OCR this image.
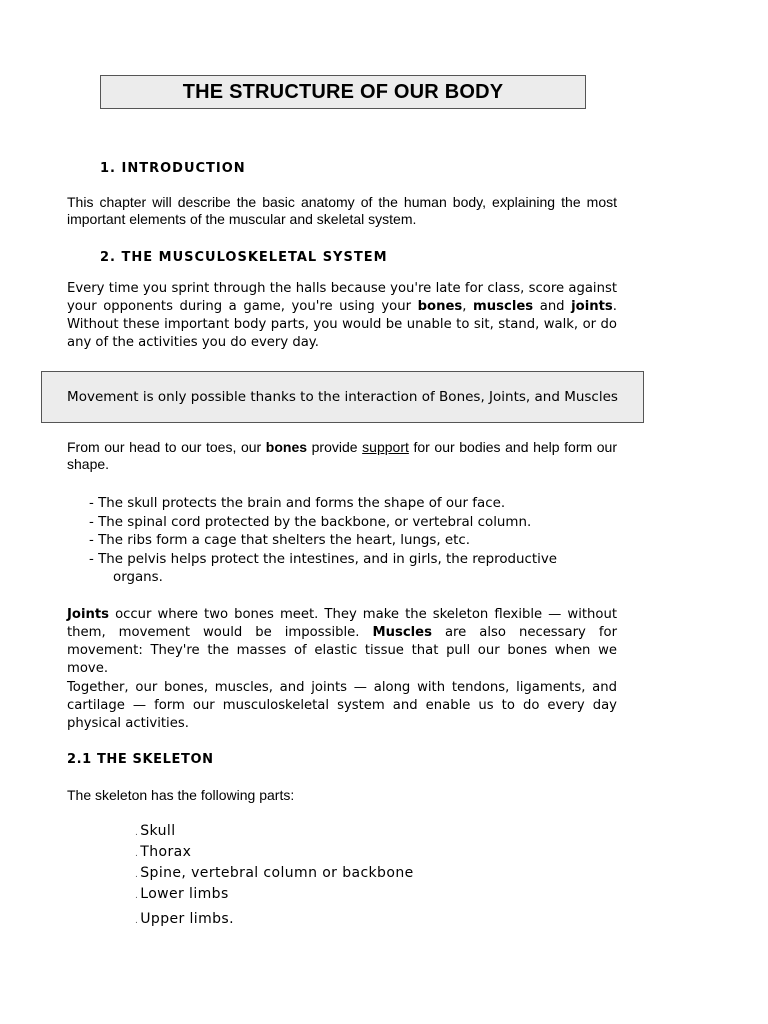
THE STRUCTURE OF OUR BODY
1. INTRODUCTION

This chapter will describe the basic anatomy of the human body, explaining the most important elements of the muscular and skeletal system.

2. THE MUSCULOSKELETAL SYSTEM

Every time you sprint through the halls because you're late for class, score against your opponents during a game, you're using your bones, muscles and joints. Without these important body parts, you would be unable to sit, stand, walk, or do any of the activities you do every day.

Movement is only possible thanks to the interaction of Bones, Joints, and Muscles

From our head to our toes, our bones provide support for our bodies and help form our shape.

- The skull protects the brain and forms the shape of our face.
- The spinal cord protected by the backbone, or vertebral column.
- The ribs form a cage that shelters the heart, lungs, etc.
- The pelvis helps protect the intestines, and in girls, the reproductive
organs.

Joints occur where two bones meet. They make the skeleton flexible — without them, movement would be impossible. Muscles are also necessary for movement: They're the masses of elastic tissue that pull our bones when we move.

Together, our bones, muscles, and joints — along with tendons, ligaments, and cartilage — form our musculoskeletal system and enable us to do every day physical activities.

2.1 THE SKELETON

The skeleton has the following parts:

. Skull
. Thorax
. Spine, vertebral column or backbone
. Lower limbs
. Upper limbs.
